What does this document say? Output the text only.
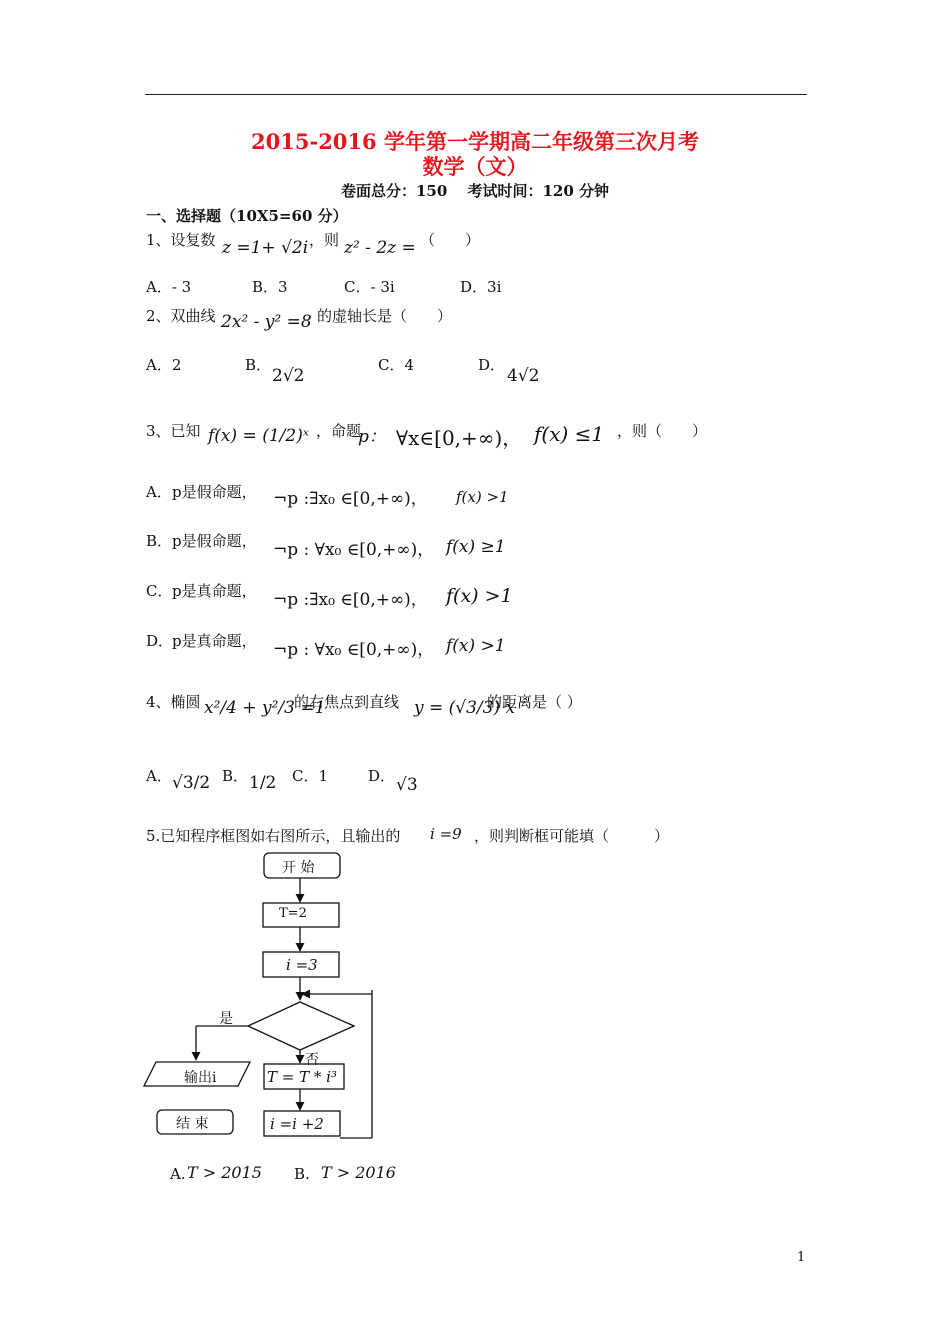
2015-2016 学年第一学期高二年级第三次月考
数学（文）
卷面总分：150　 考试时间：120 分钟
一、选择题（10X5=60 分）
1、设复数 z =1+ √2i ，则 z² - 2z = （　　）
A．- 3	B．3	C．- 3i	D．3i
2、双曲线 2x² - y² =8 的虚轴长是（　　）
A．2	B．
2√2
C．4	D．
4√2
3、已知 f(x) = (1/2)ˣ ，命题
p： ∀x∈[0,+∞)， f(x) ≤1 ，则（　　）
A． p是假命题， ¬p :∃x₀ ∈[0,+∞)， f(x) >1
B． p是假命题， ¬p : ∀x₀ ∈[0,+∞)， f(x) ≥1
C． p是真命题， ¬p :∃x₀ ∈[0,+∞)， f(x) >1
D．
p是真命题， ¬p : ∀x₀ ∈[0,+∞)， f(x) >1
4、椭圆 x²/4 + y²/3 =1
的右焦点到直线 y = (√3/3) x
的距离是（ ）
A． √3/2 B． 1/2 C．1	D． √3
5.已知程序框图如右图所示，且输出的 i =9 ，则判断框可能填（　　　）
开 始
T=2
i =3
是
否
输出i	T = T * i³
i =i +2
结 束
A. T > 2015 B. T > 2016
1
